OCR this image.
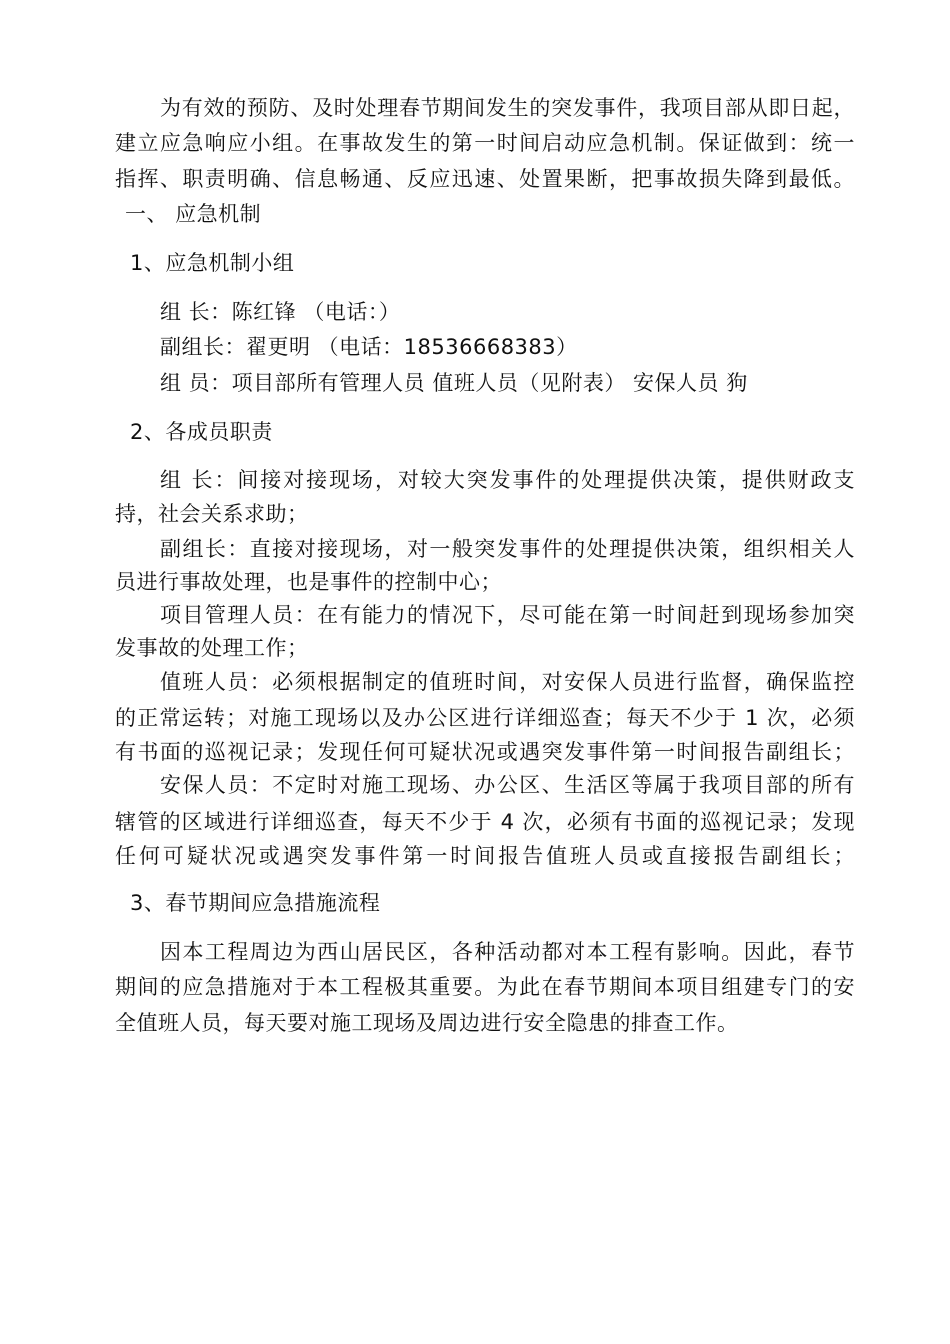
为有效的预防、及时处理春节期间发生的突发事件，我项目部从即日起，
建立应急响应小组。在事故发生的第一时间启动应急机制。保证做到：统一
指挥、职责明确、信息畅通、反应迅速、处置果断，把事故损失降到最低。
一、 应急机制
1、应急机制小组
组 长：陈红锋 （电话：）
副组长：翟更明 （电话：18536668383）
组 员：项目部所有管理人员 值班人员（见附表） 安保人员 狗
2、各成员职责
组 长：间接对接现场，对较大突发事件的处理提供决策，提供财政支
持，社会关系求助；
副组长：直接对接现场，对一般突发事件的处理提供决策，组织相关人
员进行事故处理，也是事件的控制中心；
项目管理人员：在有能力的情况下，尽可能在第一时间赶到现场参加突
发事故的处理工作；
值班人员：必须根据制定的值班时间，对安保人员进行监督，确保监控
的正常运转；对施工现场以及办公区进行详细巡查；每天不少于 1 次，必须
有书面的巡视记录；发现任何可疑状况或遇突发事件第一时间报告副组长；
安保人员：不定时对施工现场、办公区、生活区等属于我项目部的所有
辖管的区域进行详细巡查，每天不少于 4 次，必须有书面的巡视记录；发现
任何可疑状况或遇突发事件第一时间报告值班人员或直接报告副组长；
3、春节期间应急措施流程
因本工程周边为西山居民区，各种活动都对本工程有影响。因此，春节
期间的应急措施对于本工程极其重要。为此在春节期间本项目组建专门的安
全值班人员，每天要对施工现场及周边进行安全隐患的排查工作。
